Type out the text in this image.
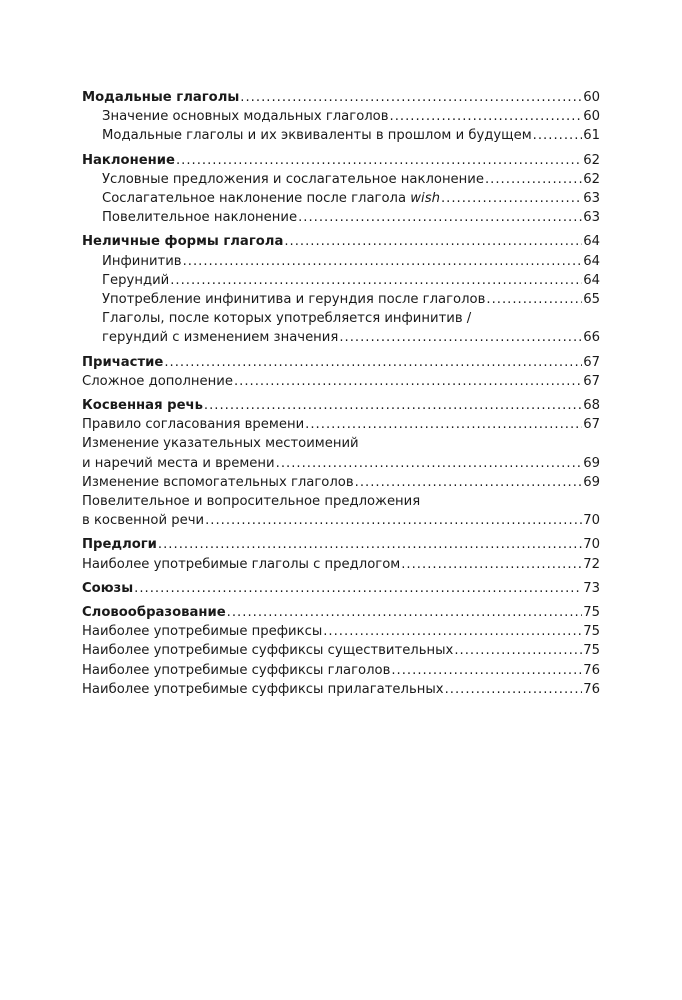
Модальные глаголы .....	60
Значение основных модальных глаголов .....	60
Модальные глаголы и их эквиваленты в прошлом и будущем .....	61
Наклонение .....	62
Условные предложения и сослагательное наклонение .....	62
Сослагательное наклонение после глагола wish .....	63
Повелительное наклонение .....	63
Неличные формы глагола .....	64
Инфинитив .....	64
Герундий .....	64
Употребление инфинитива и герундия после глаголов .....	65
Глаголы, после которых употребляется инфинитив /
герундий с изменением значения .....	66
Причастие .....	67
Сложное дополнение .....	67
Косвенная речь .....	68
Правило согласования времени .....	67
Изменение указательных местоимений
и наречий места и времени .....	69
Изменение вспомогательных глаголов .....	69
Повелительное и вопросительное предложения
в косвенной речи .....	70
Предлоги .....	70
Наиболее употребимые глаголы с предлогом .....	72
Союзы .....	73
Словообразование .....	75
Наиболее употребимые префиксы .....	75
Наиболее употребимые суффиксы существительных .....	75
Наиболее употребимые суффиксы глаголов .....	76
Наиболее употребимые суффиксы прилагательных .....	76
